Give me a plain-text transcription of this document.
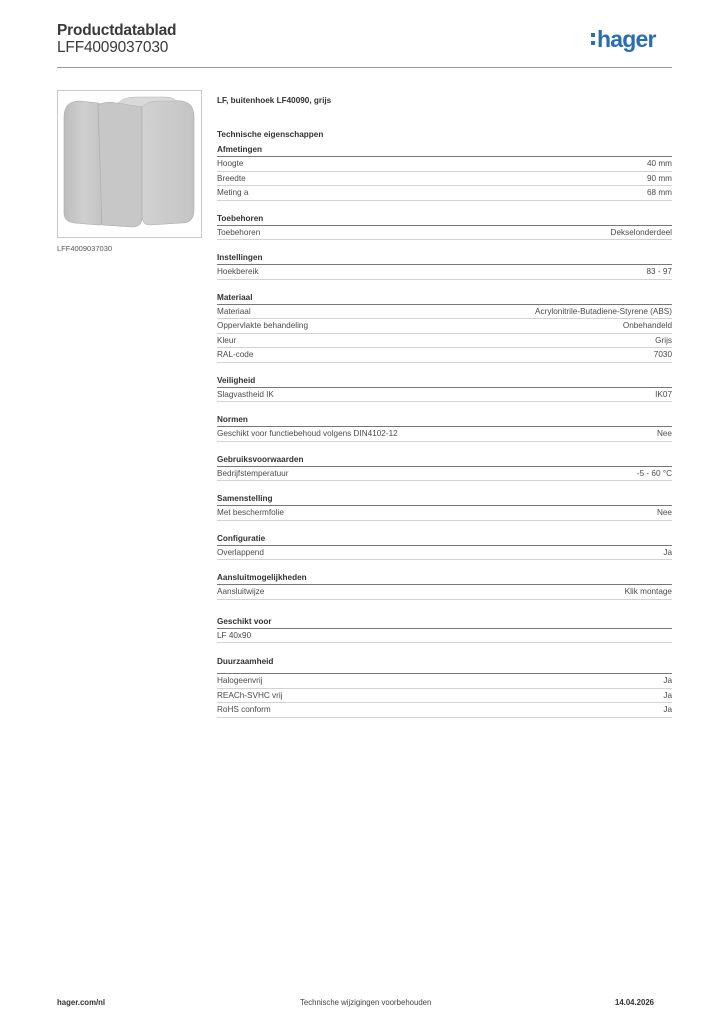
Productdatablad
LFF4009037030	hager
LFF4009037030
LF, buitenhoek LF40090, grijs
Technische eigenschappen
Afmetingen
Hoogte	40 mm
Breedte	90 mm
Meting a	68 mm
Toebehoren
Toebehoren	Dekselonderdeel
Instellingen
Hoekbereik	83 - 97
Materiaal
Materiaal	Acrylonitrile-Butadiene-Styrene (ABS)
Oppervlakte behandeling	Onbehandeld
Kleur	Grijs
RAL-code	7030
Veiligheid
Slagvastheid IK	IK07
Normen
Geschikt voor functiebehoud volgens DIN4102-12	Nee
Gebruiksvoorwaarden
Bedrijfstemperatuur	-5 - 60 °C
Samenstelling
Met beschermfolie	Nee
Configuratie
Overlappend	Ja
Aansluitmogelijkheden
Aansluitwijze	Klik montage
Geschikt voor
LF 40x90
Duurzaamheid
Halogeenvrij	Ja
REACh-SVHC vrij	Ja
RoHS conform	Ja
hager.com/nl	Technische wijzigingen voorbehouden	14.04.2026
